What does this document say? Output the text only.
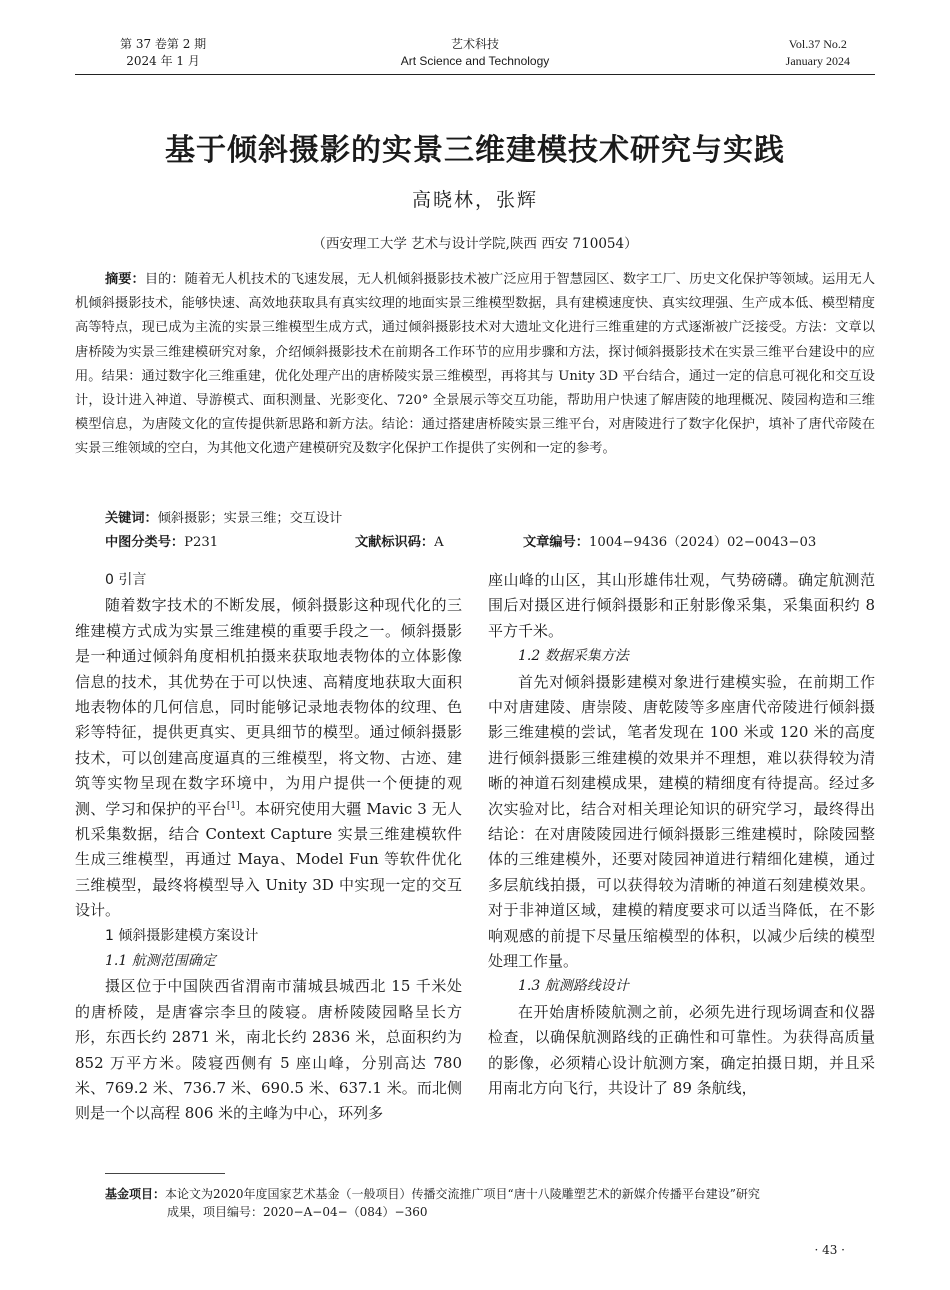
第 37 卷第 2 期
2024 年 1 月
艺术科技
Art Science and Technology
Vol.37 No.2
January 2024
基于倾斜摄影的实景三维建模技术研究与实践
高晓林，张辉
（西安理工大学 艺术与设计学院,陕西 西安 710054）
摘要：目的：随着无人机技术的飞速发展，无人机倾斜摄影技术被广泛应用于智慧园区、数字工厂、历史文化保护等领域。运用无人机倾斜摄影技术，能够快速、高效地获取具有真实纹理的地面实景三维模型数据，具有建模速度快、真实纹理强、生产成本低、模型精度高等特点，现已成为主流的实景三维模型生成方式，通过倾斜摄影技术对大遗址文化进行三维重建的方式逐渐被广泛接受。方法：文章以唐桥陵为实景三维建模研究对象，介绍倾斜摄影技术在前期各工作环节的应用步骤和方法，探讨倾斜摄影技术在实景三维平台建设中的应用。结果：通过数字化三维重建，优化处理产出的唐桥陵实景三维模型，再将其与 Unity 3D 平台结合，通过一定的信息可视化和交互设计，设计进入神道、导游模式、面积测量、光影变化、720° 全景展示等交互功能，帮助用户快速了解唐陵的地理概况、陵园构造和三维模型信息，为唐陵文化的宣传提供新思路和新方法。结论：通过搭建唐桥陵实景三维平台，对唐陵进行了数字化保护，填补了唐代帝陵在实景三维领域的空白，为其他文化遗产建模研究及数字化保护工作提供了实例和一定的参考。
关键词：倾斜摄影；实景三维；交互设计
中图分类号：P231	文献标识码：A	文章编号：1004−9436（2024）02−0043−03
0 引言

随着数字技术的不断发展，倾斜摄影这种现代化的三维建模方式成为实景三维建模的重要手段之一。倾斜摄影是一种通过倾斜角度相机拍摄来获取地表物体的立体影像信息的技术，其优势在于可以快速、高精度地获取大面积地表物体的几何信息，同时能够记录地表物体的纹理、色彩等特征，提供更真实、更具细节的模型。通过倾斜摄影技术，可以创建高度逼真的三维模型，将文物、古迹、建筑等实物呈现在数字环境中，为用户提供一个便捷的观测、学习和保护的平台[1]。本研究使用大疆 Mavic 3 无人机采集数据，结合 Context Capture 实景三维建模软件生成三维模型，再通过 Maya、Model Fun 等软件优化三维模型，最终将模型导入 Unity 3D 中实现一定的交互设计。

1 倾斜摄影建模方案设计
1.1 航测范围确定

摄区位于中国陕西省渭南市蒲城县城西北 15 千米处的唐桥陵，是唐睿宗李旦的陵寝。唐桥陵陵园略呈长方形，东西长约 2871 米，南北长约 2836 米，总面积约为 852 万平方米。陵寝西侧有 5 座山峰，分别高达 780 米、769.2 米、736.7 米、690.5 米、637.1 米。而北侧则是一个以高程 806 米的主峰为中心，环列多

座山峰的山区，其山形雄伟壮观，气势磅礴。确定航测范围后对摄区进行倾斜摄影和正射影像采集，采集面积约 8 平方千米。

1.2 数据采集方法

首先对倾斜摄影建模对象进行建模实验，在前期工作中对唐建陵、唐崇陵、唐乾陵等多座唐代帝陵进行倾斜摄影三维建模的尝试，笔者发现在 100 米或 120 米的高度进行倾斜摄影三维建模的效果并不理想，难以获得较为清晰的神道石刻建模成果，建模的精细度有待提高。经过多次实验对比，结合对相关理论知识的研究学习，最终得出结论：在对唐陵陵园进行倾斜摄影三维建模时，除陵园整体的三维建模外，还要对陵园神道进行精细化建模，通过多层航线拍摄，可以获得较为清晰的神道石刻建模效果。对于非神道区域，建模的精度要求可以适当降低，在不影响观感的前提下尽量压缩模型的体积，以减少后续的模型处理工作量。

1.3 航测路线设计

在开始唐桥陵航测之前，必须先进行现场调查和仪器检查，以确保航测路线的正确性和可靠性。为获得高质量的影像，必须精心设计航测方案，确定拍摄日期，并且采用南北方向飞行，共设计了 89 条航线，

基金项目：本论文为2020年度国家艺术基金（一般项目）传播交流推广项目“唐十八陵雕塑艺术的新媒介传播平台建设”研究
成果，项目编号：2020−A−04−（084）−360
· 43 ·
